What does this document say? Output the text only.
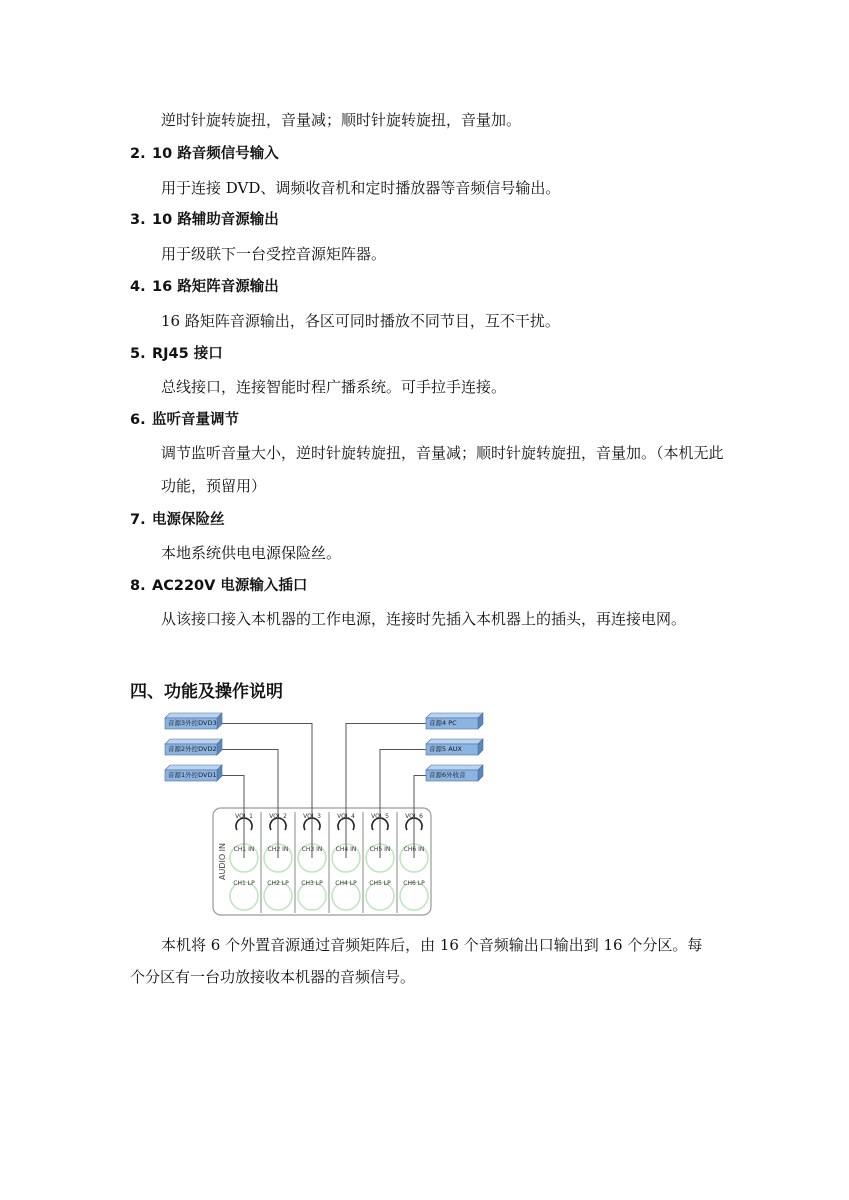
逆时针旋转旋扭，音量减；顺时针旋转旋扭，音量加。
2. 10 路音频信号输入
用于连接 DVD、调频收音机和定时播放器等音频信号输出。
3. 10 路辅助音源输出
用于级联下一台受控音源矩阵器。
4. 16 路矩阵音源输出
16 路矩阵音源输出，各区可同时播放不同节目，互不干扰。
5. RJ45 接口
总线接口，连接智能时程广播系统。可手拉手连接。
6. 监听音量调节
调节监听音量大小，逆时针旋转旋扭，音量减；顺时针旋转旋扭，音量加。（本机无此
功能，预留用）
7. 电源保险丝
本地系统供电电源保险丝。
8. AC220V 电源输入插口
从该接口接入本机器的工作电源，连接时先插入本机器上的插头，再连接电网。
四、功能及操作说明
AUDIO IN
VOL 1
CH1 IN
CH1 LP
VOL 2
CH2 IN
CH2 LP
VOL 3
CH3 IN
CH3 LP
VOL 4
CH4 IN
CH4 LP
VOL 5
CH5 IN
CH5 LP
VOL 6
CH6 IN
CH6 LP
音源3外控DVD3
音源2外控DVD2
音源1外控DVD1
音源4 PC
音源5 AUX
音源6外收音
本机将 6 个外置音源通过音频矩阵后，由 16 个音频输出口输出到 16 个分区。每
个分区有一台功放接收本机器的音频信号。
